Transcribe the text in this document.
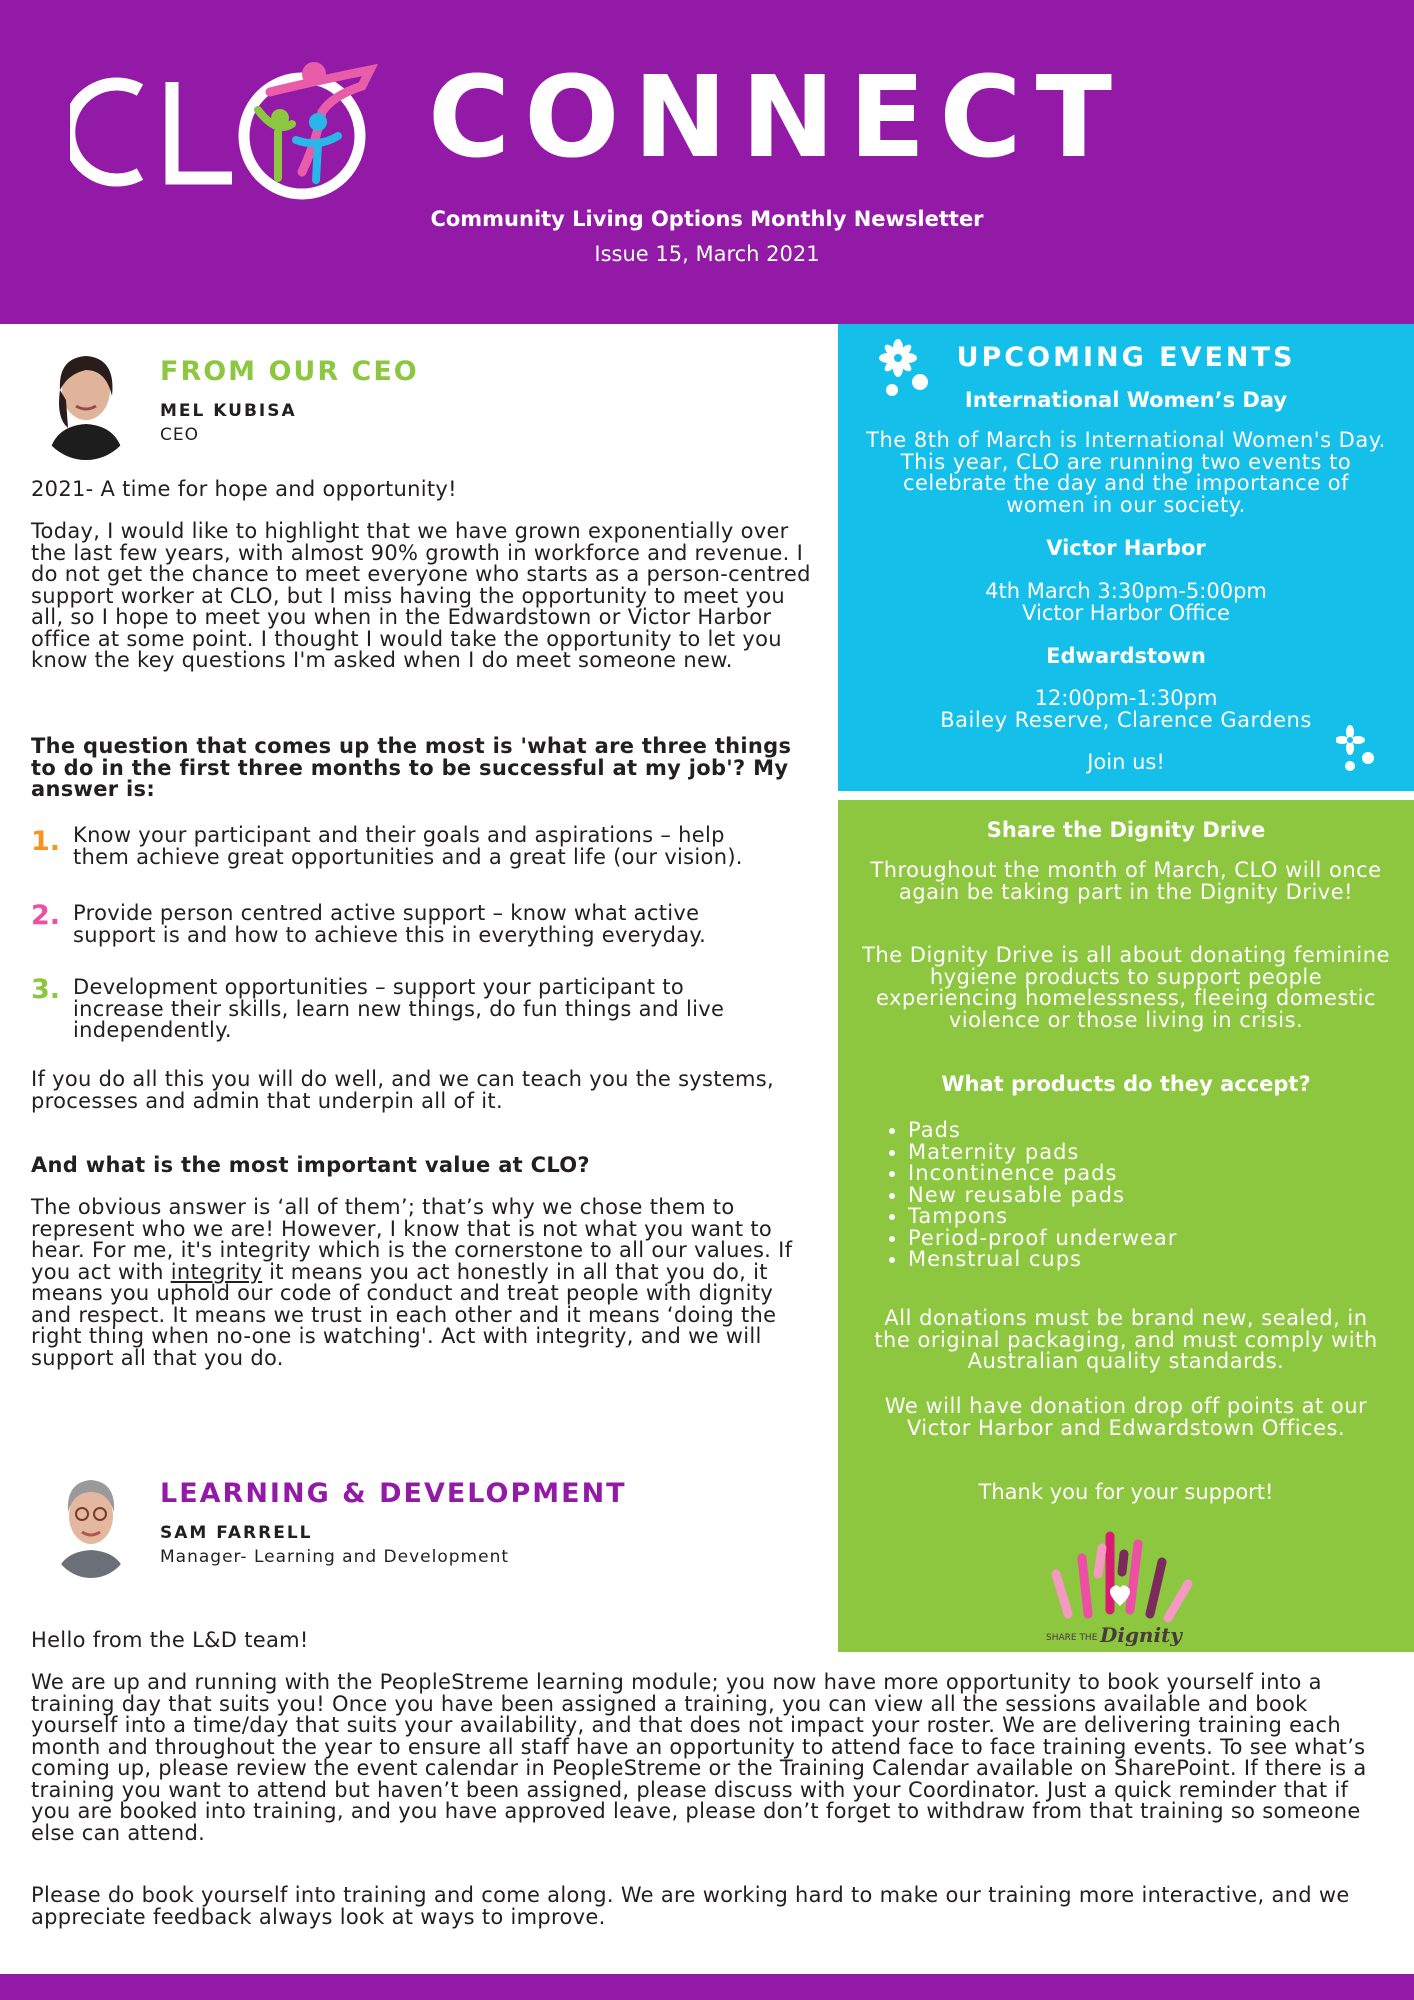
CONNECT
Community Living Options Monthly Newsletter
Issue 15, March 2021
FROM OUR CEO
MEL KUBISA
CEO
2021- A time for hope and opportunity!
Today, I would like to highlight that we have grown exponentially over the last few years, with almost 90% growth in workforce and revenue. I do not get the chance to meet everyone who starts as a person-centred support worker at CLO, but I miss having the opportunity to meet you all, so I hope to meet you when in the Edwardstown or Victor Harbor office at some point. I thought I would take the opportunity to let you know the key questions I'm asked when I do meet someone new.
The question that comes up the most is 'what are three things to do in the first three months to be successful at my job'? My answer is:
1. Know your participant and their goals and aspirations – help them achieve great opportunities and a great life (our vision).
2. Provide person centred active support – know what active support is and how to achieve this in everything everyday.
3. Development opportunities – support your participant to increase their skills, learn new things, do fun things and live independently.
If you do all this you will do well, and we can teach you the systems, processes and admin that underpin all of it.
And what is the most important value at CLO?
The obvious answer is ‘all of them’; that’s why we chose them to represent who we are! However, I know that is not what you want to hear. For me, it's integrity which is the cornerstone to all our values. If you act with integrity it means you act honestly in all that you do, it means you uphold our code of conduct and treat people with dignity and respect. It means we trust in each other and it means ‘doing the right thing when no-one is watching'. Act with integrity, and we will support all that you do.
LEARNING & DEVELOPMENT
SAM FARRELL
Manager- Learning and Development
Hello from the L&D team!
We are up and running with the PeopleStreme learning module; you now have more opportunity to book yourself into a training day that suits you! Once you have been assigned a training, you can view all the sessions available and book yourself into a time/day that suits your availability, and that does not impact your roster. We are delivering training each month and throughout the year to ensure all staff have an opportunity to attend face to face training events. To see what’s coming up, please review the event calendar in PeopleStreme or the Training Calendar available on SharePoint. If there is a training you want to attend but haven’t been assigned, please discuss with your Coordinator. Just a quick reminder that if you are booked into training, and you have approved leave, please don’t forget to withdraw from that training so someone else can attend.
Please do book yourself into training and come along. We are working hard to make our training more interactive, and we appreciate feedback always look at ways to improve.
UPCOMING EVENTS
International Women’s Day
The 8th of March is International Women's Day. This year, CLO are running two events to celebrate the day and the importance of women in our society.
Victor Harbor
4th March 3:30pm-5:00pm
Victor Harbor Office
Edwardstown
12:00pm-1:30pm
Bailey Reserve, Clarence Gardens
Join us!
Share the Dignity Drive
Throughout the month of March, CLO will once again be taking part in the Dignity Drive!
The Dignity Drive is all about donating feminine hygiene products to support people experiencing homelessness, fleeing domestic violence or those living in crisis.
What products do they accept?
• Pads
• Maternity pads
• Incontinence pads
• New reusable pads
• Tampons
• Period-proof underwear
• Menstrual cups
All donations must be brand new, sealed, in the original packaging, and must comply with Australian quality standards.
We will have donation drop off points at our Victor Harbor and Edwardstown Offices.
Thank you for your support!
SHARE THE Dignity
